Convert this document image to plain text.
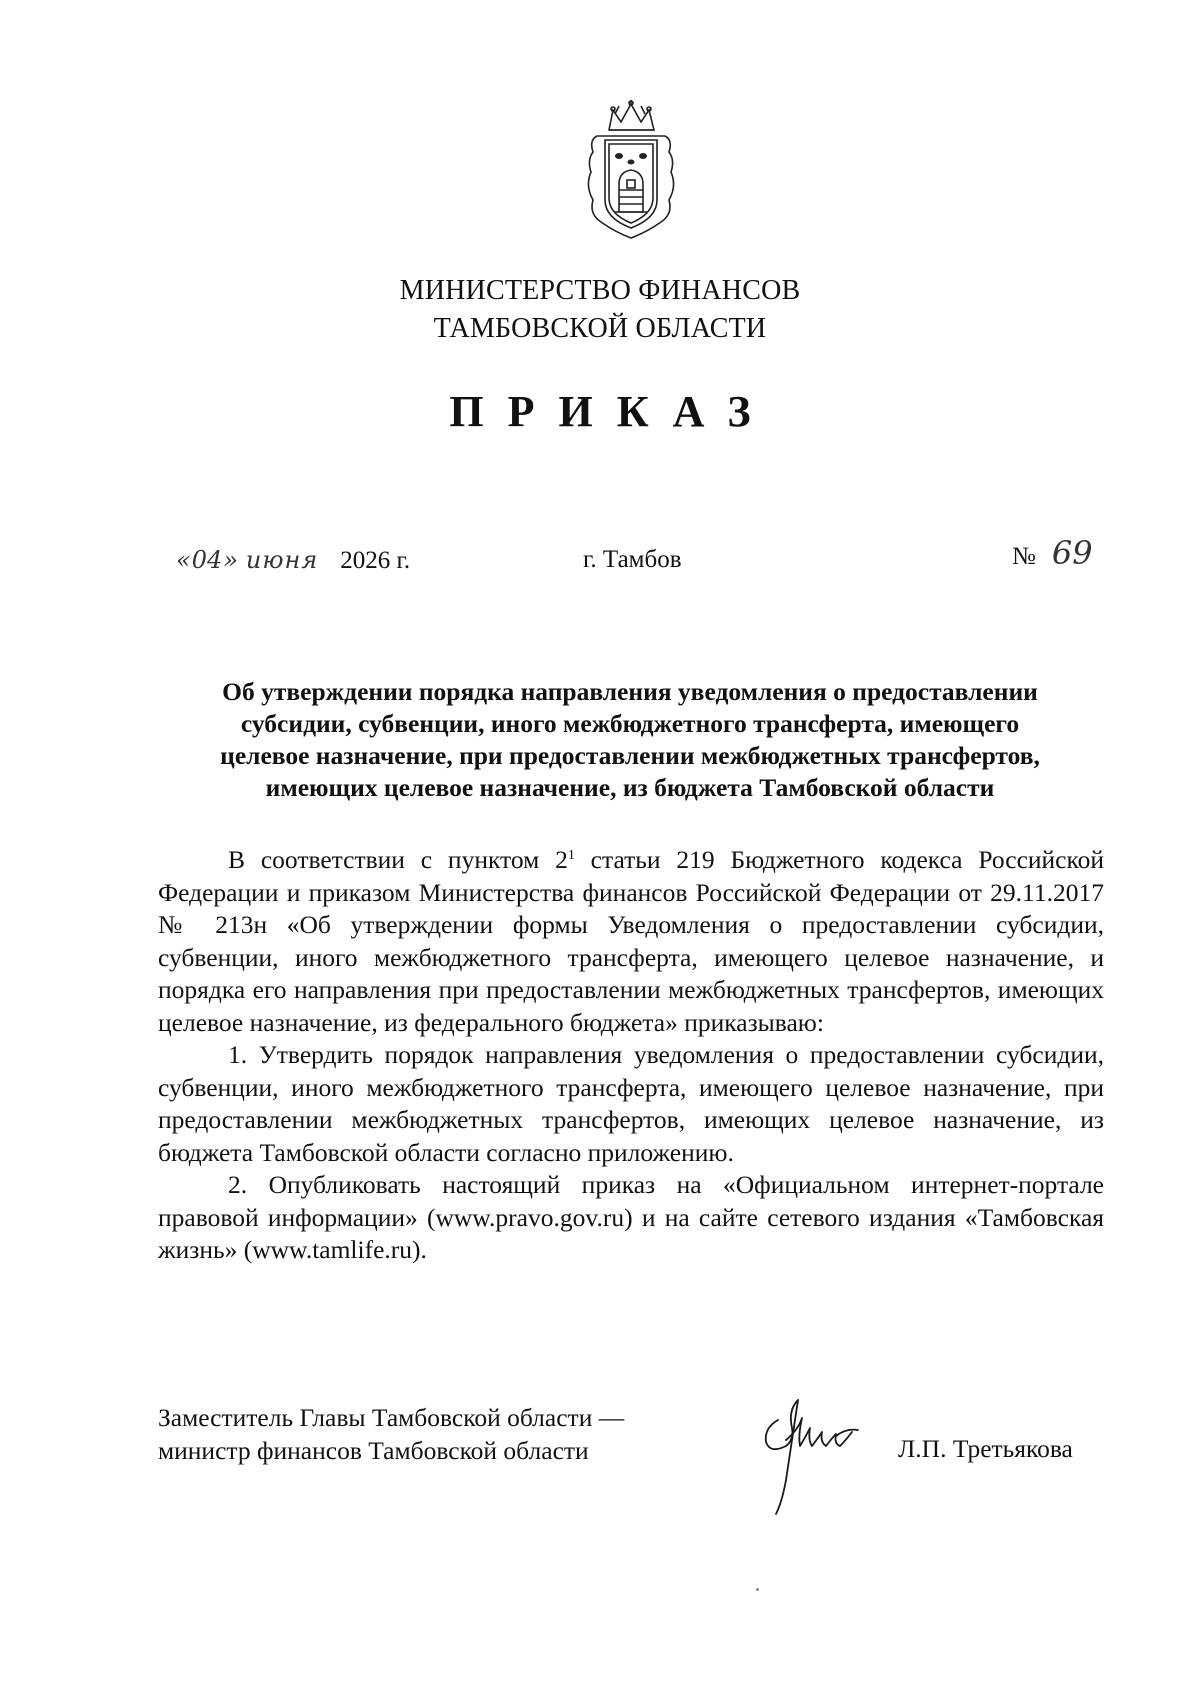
МИНИСТЕРСТВО ФИНАНСОВ
ТАМБОВСКОЙ ОБЛАСТИ
ПРИКАЗ
«04» июня 2026 г.	г. Тамбов	№ 69
Об утверждении порядка направления уведомления о предоставлении
субсидии, субвенции, иного межбюджетного трансферта, имеющего
целевое назначение, при предоставлении межбюджетных трансфертов,
имеющих целевое назначение, из бюджета Тамбовской области

В соответствии с пунктом $2^1$ статьи 219 Бюджетного кодекса Российской Федерации и приказом Министерства финансов Российской Федерации от 29.11.2017 № 213н «Об утверждении формы Уведомления о предоставлении субсидии, субвенции, иного межбюджетного трансферта, имеющего целевое назначение, и порядка его направления при предоставлении межбюджетных трансфертов, имеющих целевое назначение, из федерального бюджета» приказываю:

1. Утвердить порядок направления уведомления о предоставлении субсидии, субвенции, иного межбюджетного трансферта, имеющего целевое назначение, при предоставлении межбюджетных трансфертов, имеющих целевое назначение, из бюджета Тамбовской области согласно приложению.

2. Опубликовать настоящий приказ на «Официальном интернет-портале правовой информации» (www.pravo.gov.ru) и на сайте сетевого издания «Тамбовская жизнь» (www.tamlife.ru).

Заместитель Главы Тамбовской области —
министр финансов Тамбовской области	Л.П. Третьякова
